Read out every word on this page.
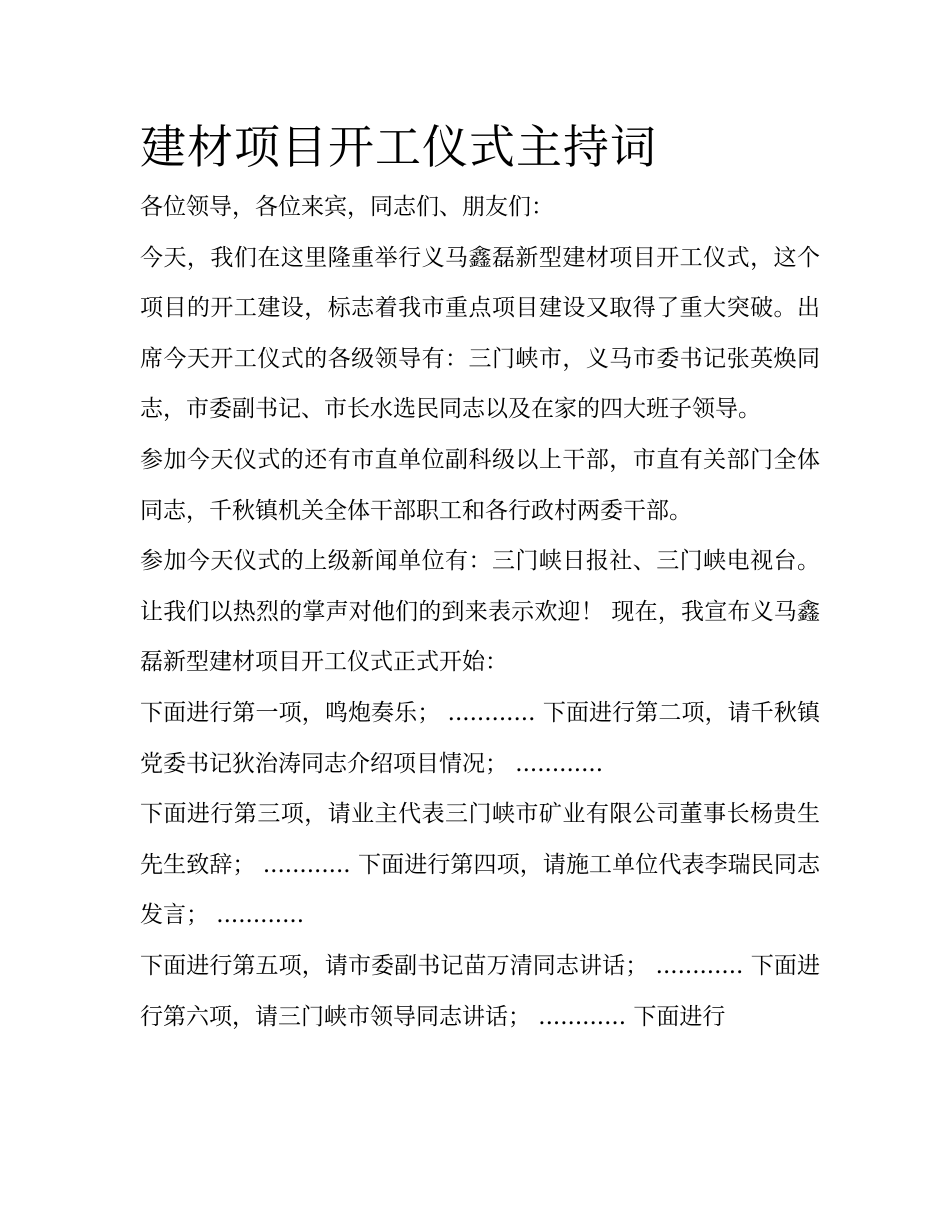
建材项目开工仪式主持词

各位领导，各位来宾，同志们、朋友们：

今天，我们在这里隆重举行义马鑫磊新型建材项目开工仪式，这个项目的开工建设，标志着我市重点项目建设又取得了重大突破。出席今天开工仪式的各级领导有：三门峡市，义马市委书记张英焕同志，市委副书记、市长水选民同志以及在家的四大班子领导。

参加今天仪式的还有市直单位副科级以上干部，市直有关部门全体同志，千秋镇机关全体干部职工和各行政村两委干部。

参加今天仪式的上级新闻单位有：三门峡日报社、三门峡电视台。 让我们以热烈的掌声对他们的到来表示欢迎！ 现在，我宣布义马鑫磊新型建材项目开工仪式正式开始：

下面进行第一项，鸣炮奏乐； ............ 下面进行第二项，请千秋镇党委书记狄治涛同志介绍项目情况； ............

下面进行第三项，请业主代表三门峡市矿业有限公司董事长杨贵生先生致辞； ............ 下面进行第四项，请施工单位代表李瑞民同志发言； ............

下面进行第五项，请市委副书记苗万清同志讲话； ............ 下面进行第六项，请三门峡市领导同志讲话； ............ 下面进行
